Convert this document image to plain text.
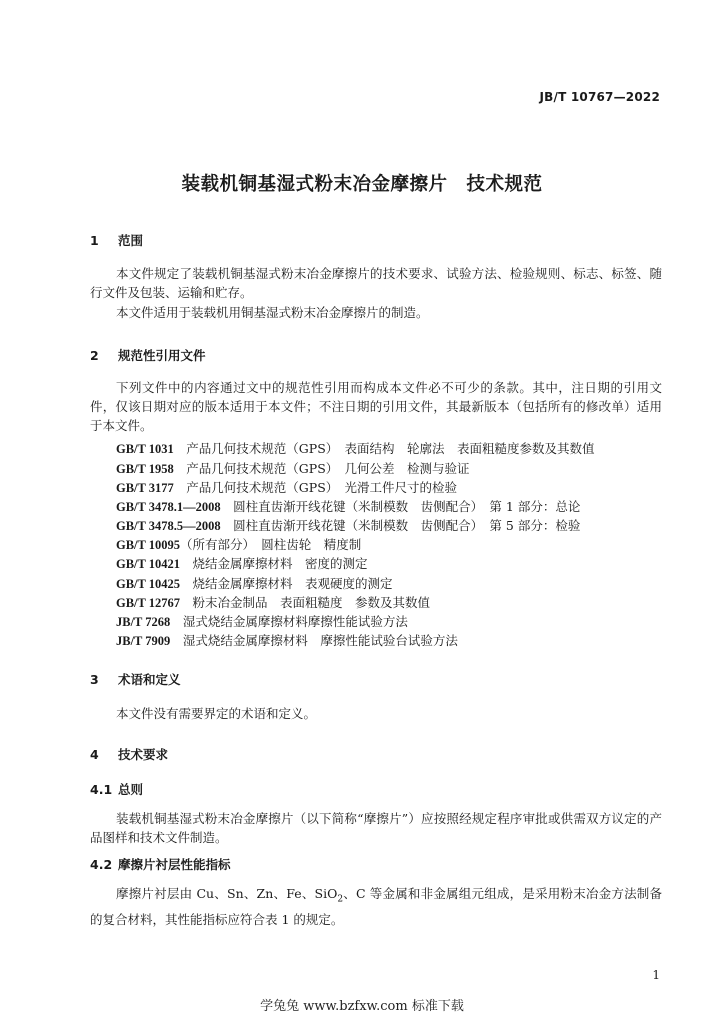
JB/T 10767—2022
装载机铜基湿式粉末冶金摩擦片　技术规范
1 范围
本文件规定了装载机铜基湿式粉末冶金摩擦片的技术要求、试验方法、检验规则、标志、标签、随行文件及包装、运输和贮存。
本文件适用于装载机用铜基湿式粉末冶金摩擦片的制造。
2 规范性引用文件
下列文件中的内容通过文中的规范性引用而构成本文件必不可少的条款。其中，注日期的引用文件，仅该日期对应的版本适用于本文件；不注日期的引用文件，其最新版本（包括所有的修改单）适用于本文件。
GB/T 1031　 产品几何技术规范（GPS）　表面结构　轮廓法　表面粗糙度参数及其数值
GB/T 1958　 产品几何技术规范（GPS）　几何公差　检测与验证
GB/T 3177　 产品几何技术规范（GPS）　光滑工件尺寸的检验
GB/T 3478.1—2008　 圆柱直齿渐开线花键（米制模数　齿侧配合）　第 1 部分：总论
GB/T 3478.5—2008　 圆柱直齿渐开线花键（米制模数　齿侧配合）　第 5 部分：检验
GB/T 10095（所有部分）　圆柱齿轮　精度制
GB/T 10421　 烧结金属摩擦材料　密度的测定
GB/T 10425　 烧结金属摩擦材料　表观硬度的测定
GB/T 12767　 粉末冶金制品　表面粗糙度　参数及其数值
JB/T 7268　 湿式烧结金属摩擦材料摩擦性能试验方法
JB/T 7909　 湿式烧结金属摩擦材料　摩擦性能试验台试验方法
3 术语和定义
本文件没有需要界定的术语和定义。
4 技术要求
4.1 总则
装载机铜基湿式粉末冶金摩擦片（以下简称“摩擦片”）应按照经规定程序审批或供需双方议定的产品图样和技术文件制造。
4.2 摩擦片衬层性能指标
摩擦片衬层由 Cu、Sn、Zn、Fe、SiO$_2$、C 等金属和非金属组元组成，是采用粉末冶金方法制备的复合材料，其性能指标应符合表 1 的规定。
1
学兔兔 www.bzfxw.com 标准下载
